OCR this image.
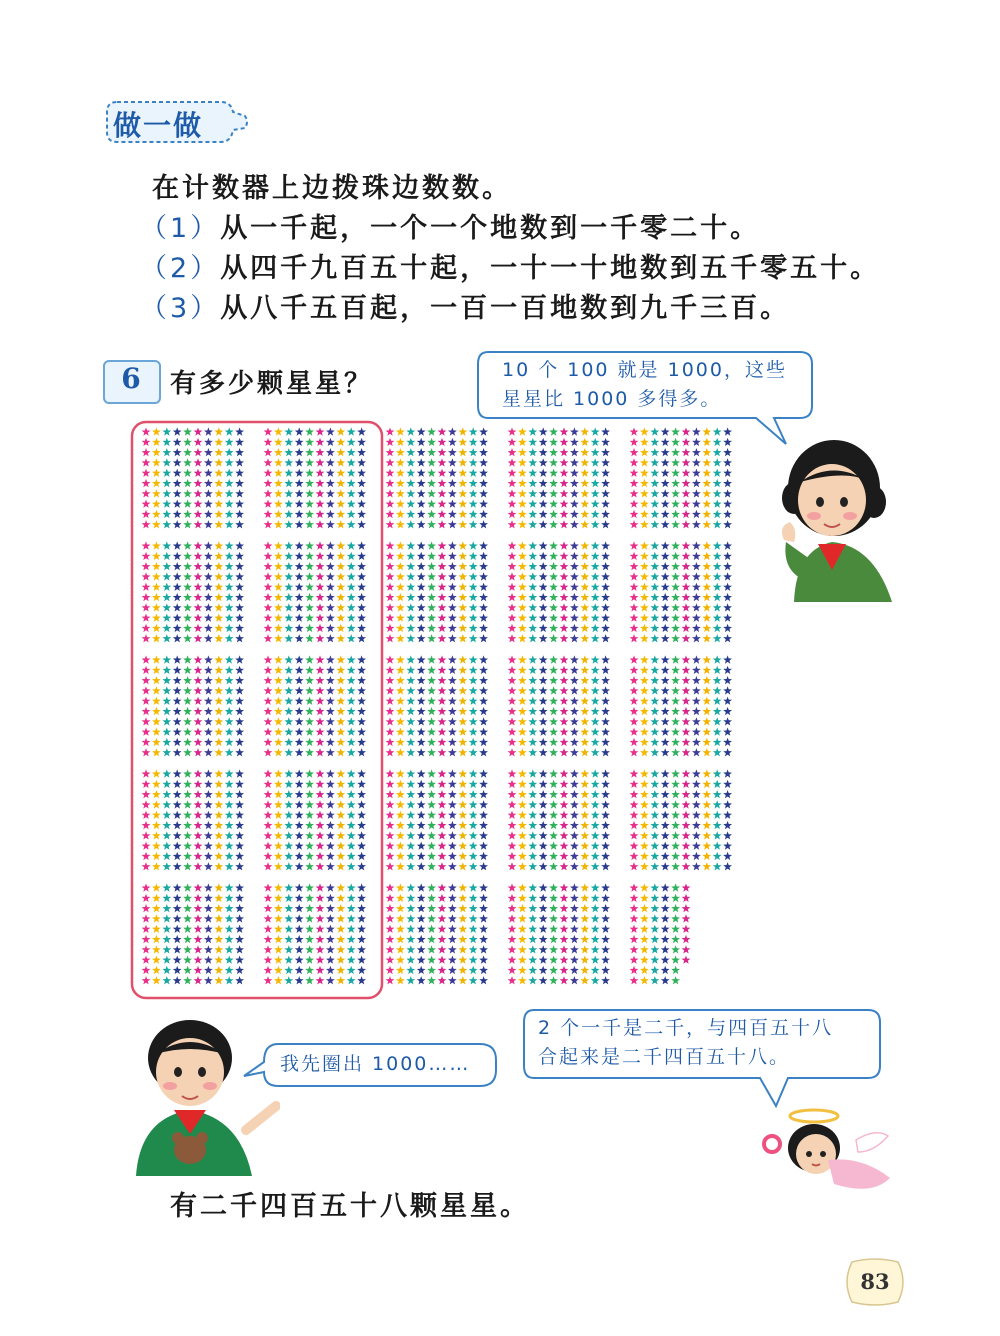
做一做
在计数器上边拨珠边数数。
（1）从一千起，一个一个地数到一千零二十。
（2）从四千九百五十起，一十一十地数到五千零五十。
（3）从八千五百起，一百一百地数到九千三百。
6	有多少颗星星？	10 个 100 就是 1000，这些
星星比 1000 多得多。
我先圈出 1000……
2 个一千是二千，与四百五十八
合起来是二千四百五十八。
有二千四百五十八颗星星。
83
